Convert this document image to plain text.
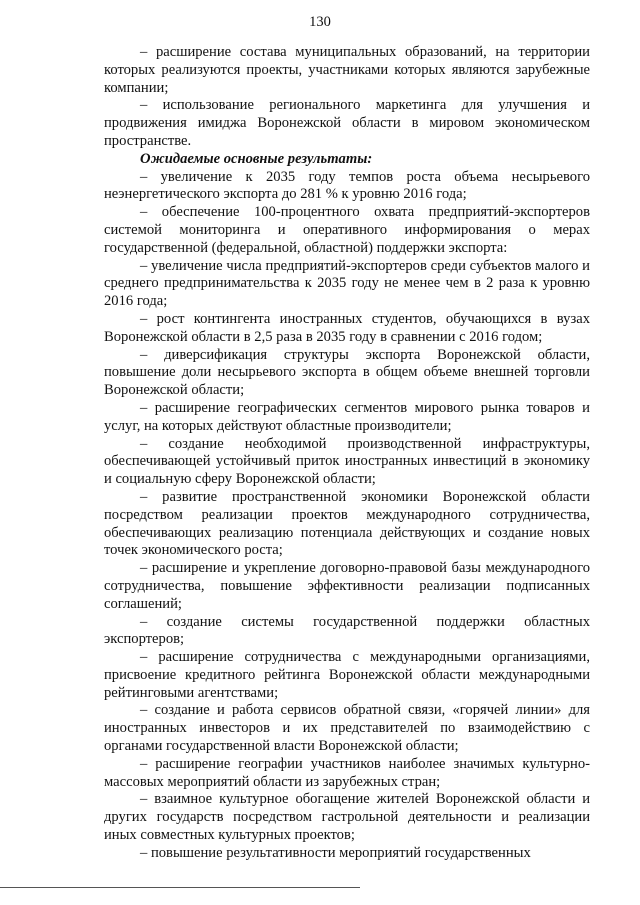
130

– расширение состава муниципальных образований, на территории которых реализуются проекты, участниками которых являются зарубежные компании;

– использование регионального маркетинга для улучшения и продвижения имиджа Воронежской области в мировом экономическом пространстве.

Ожидаемые основные результаты:

– увеличение к 2035 году темпов роста объема несырьевого неэнергетического экспорта до 281 % к уровню 2016 года;

– обеспечение 100-процентного охвата предприятий-экспортеров системой мониторинга и оперативного информирования о мерах государственной (федеральной, областной) поддержки экспорта:

– увеличение числа предприятий-экспортеров среди субъектов малого и среднего предпринимательства к 2035 году не менее чем в 2 раза к уровню 2016 года;

– рост контингента иностранных студентов, обучающихся в вузах Воронежской области в 2,5 раза в 2035 году в сравнении с 2016 годом;

– диверсификация структуры экспорта Воронежской области, повышение доли несырьевого экспорта в общем объеме внешней торговли Воронежской области;

– расширение географических сегментов мирового рынка товаров и услуг, на которых действуют областные производители;

– создание необходимой производственной инфраструктуры, обеспечивающей устойчивый приток иностранных инвестиций в экономику и социальную сферу Воронежской области;

– развитие пространственной экономики Воронежской области посредством реализации проектов международного сотрудничества, обеспечивающих реализацию потенциала действующих и создание новых точек экономического роста;

– расширение и укрепление договорно-правовой базы международного сотрудничества, повышение эффективности реализации подписанных соглашений;

– создание системы государственной поддержки областных экспортеров;

– расширение сотрудничества с международными организациями, присвоение кредитного рейтинга Воронежской области международными рейтинговыми агентствами;

– создание и работа сервисов обратной связи, «горячей линии» для иностранных инвесторов и их представителей по взаимодействию с органами государственной власти Воронежской области;

– расширение географии участников наиболее значимых культурно-массовых мероприятий области из зарубежных стран;

– взаимное культурное обогащение жителей Воронежской области и других государств посредством гастрольной деятельности и реализации иных совместных культурных проектов;

– повышение результативности мероприятий государственных
